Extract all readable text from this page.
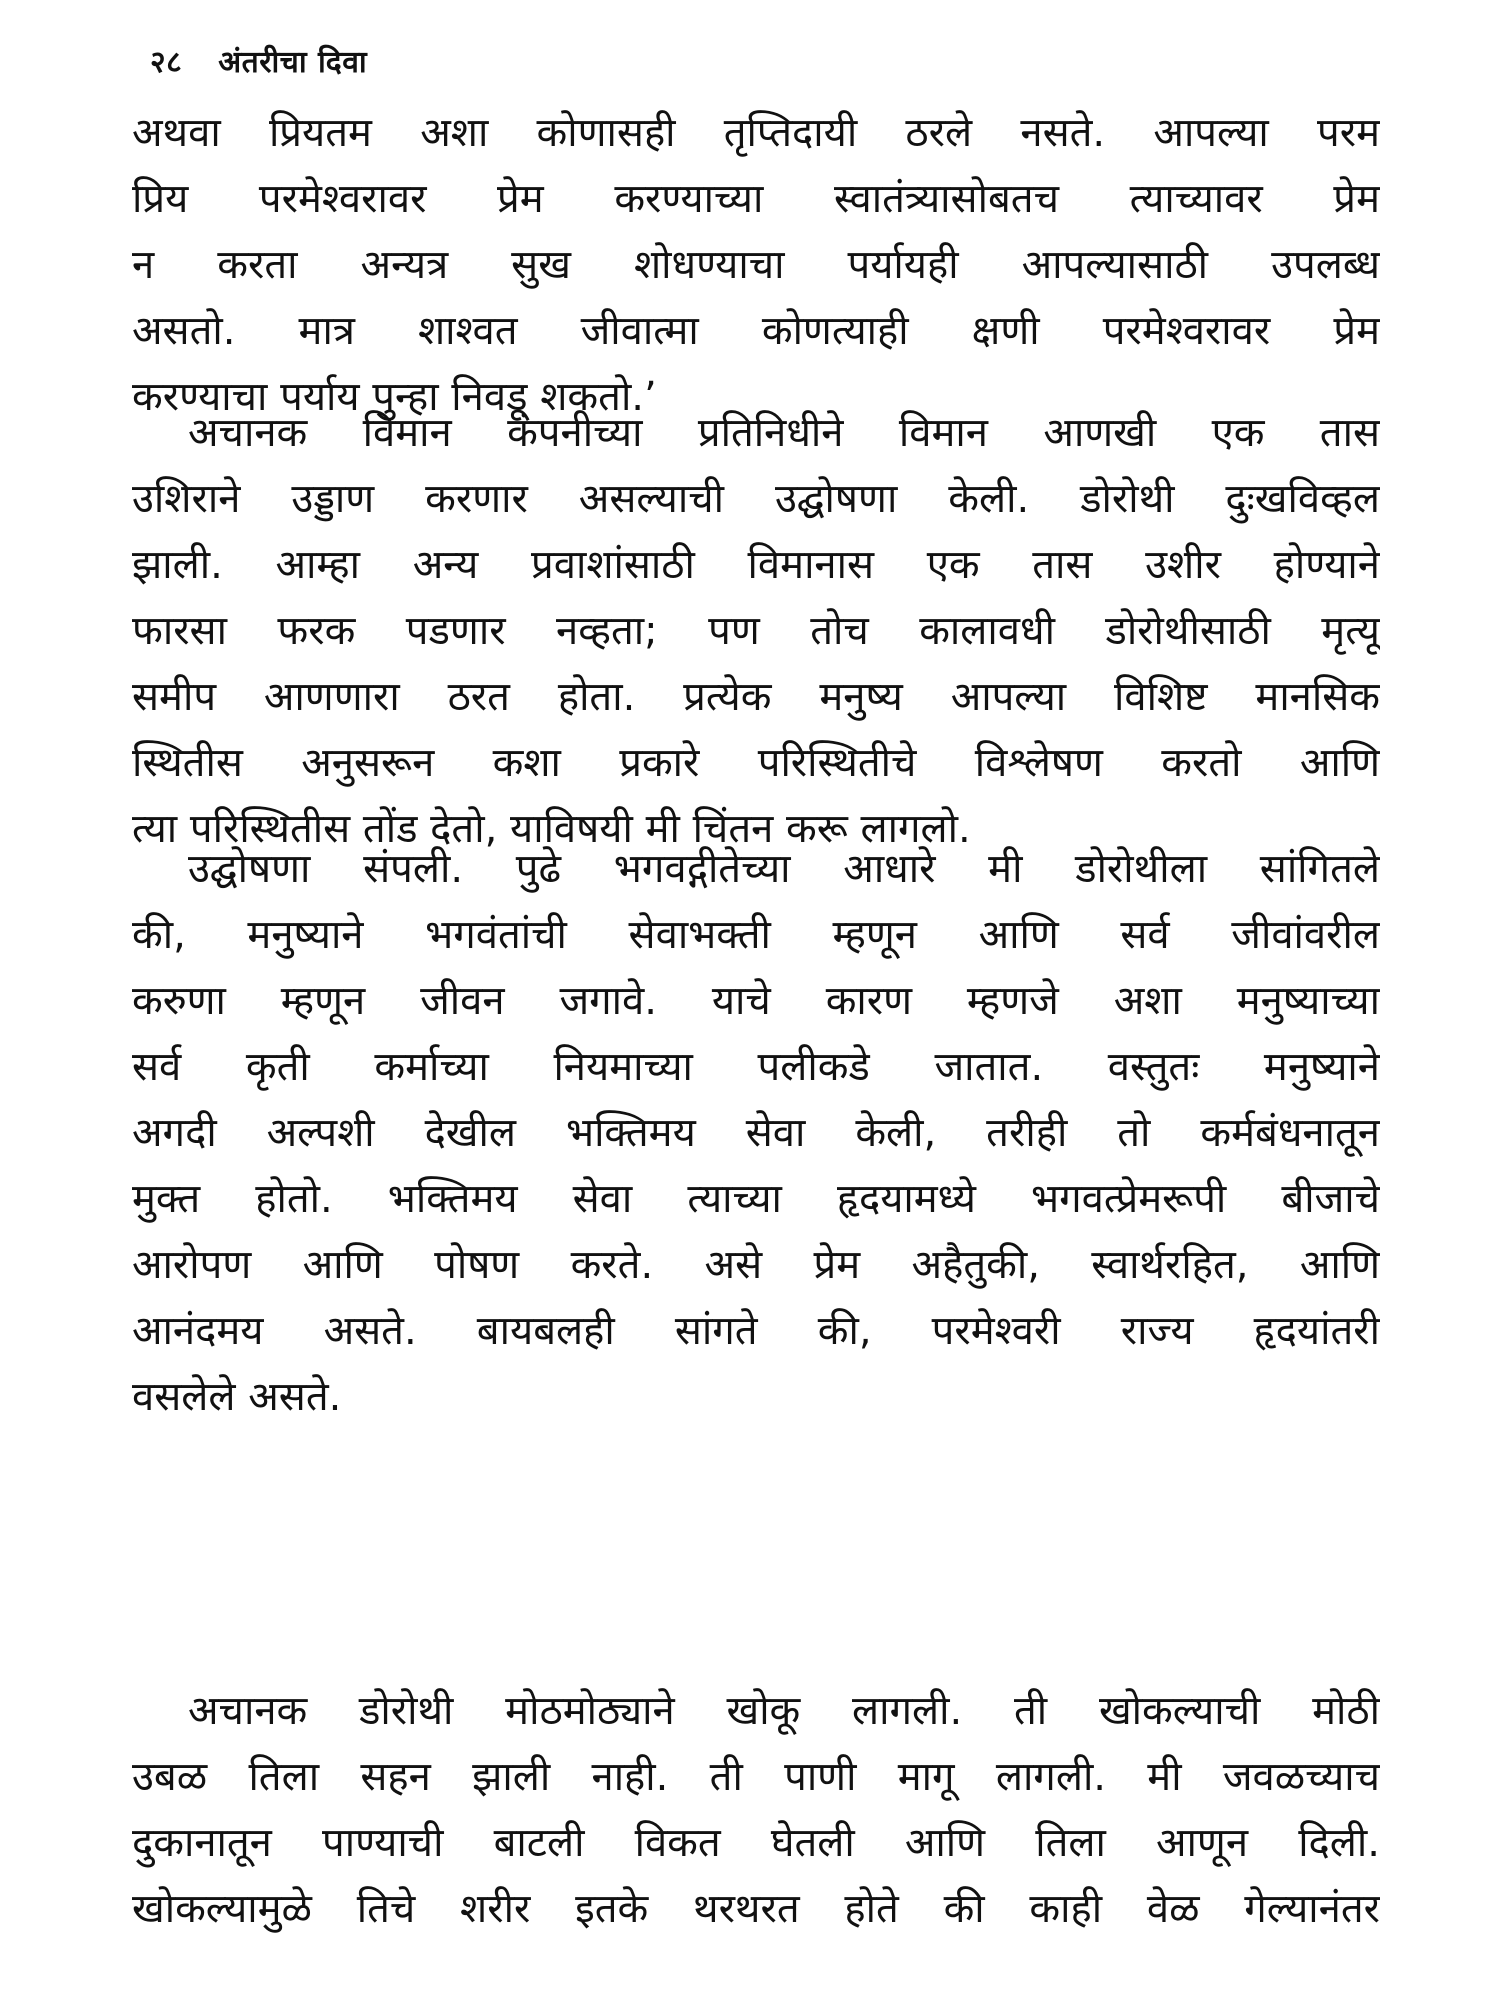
२८ अंतरीचा दिवा
अथवा प्रियतम अशा कोणासही तृप्तिदायी ठरले नसते. आपल्या परम
प्रिय परमेश्वरावर प्रेम करण्याच्या स्वातंत्र्यासोबतच त्याच्यावर प्रेम
न करता अन्यत्र सुख शोधण्याचा पर्यायही आपल्यासाठी उपलब्ध
असतो. मात्र शाश्वत जीवात्मा कोणत्याही क्षणी परमेश्वरावर प्रेम
करण्याचा पर्याय पुन्हा निवडू शकतो.’
अचानक विमान कंपनीच्या प्रतिनिधीने विमान आणखी एक तास
उशिराने उड्डाण करणार असल्याची उद्घोषणा केली. डोरोथी दुःखविव्हल
झाली. आम्हा अन्य प्रवाशांसाठी विमानास एक तास उशीर होण्याने
फारसा फरक पडणार नव्हता; पण तोच कालावधी डोरोथीसाठी मृत्यू
समीप आणणारा ठरत होता. प्रत्येक मनुष्य आपल्या विशिष्ट मानसिक
स्थितीस अनुसरून कशा प्रकारे परिस्थितीचे विश्लेषण करतो आणि
त्या परिस्थितीस तोंड देतो, याविषयी मी चिंतन करू लागलो.
उद्घोषणा संपली. पुढे भगवद्गीतेच्या आधारे मी डोरोथीला सांगितले
की, मनुष्याने भगवंतांची सेवाभक्ती म्हणून आणि सर्व जीवांवरील
करुणा म्हणून जीवन जगावे. याचे कारण म्हणजे अशा मनुष्याच्या
सर्व कृती कर्माच्या नियमाच्या पलीकडे जातात. वस्तुतः मनुष्याने
अगदी अल्पशी देखील भक्तिमय सेवा केली, तरीही तो कर्मबंधनातून
मुक्त होतो. भक्तिमय सेवा त्याच्या हृदयामध्ये भगवत्प्रेमरूपी बीजाचे
आरोपण आणि पोषण करते. असे प्रेम अहैतुकी, स्वार्थरहित, आणि
आनंदमय असते. बायबलही सांगते की, परमेश्वरी राज्य हृदयांतरी
वसलेले असते.
अचानक डोरोथी मोठमोठ्याने खोकू लागली. ती खोकल्याची मोठी
उबळ तिला सहन झाली नाही. ती पाणी मागू लागली. मी जवळच्याच
दुकानातून पाण्याची बाटली विकत घेतली आणि तिला आणून दिली.
खोकल्यामुळे तिचे शरीर इतके थरथरत होते की काही वेळ गेल्यानंतर
